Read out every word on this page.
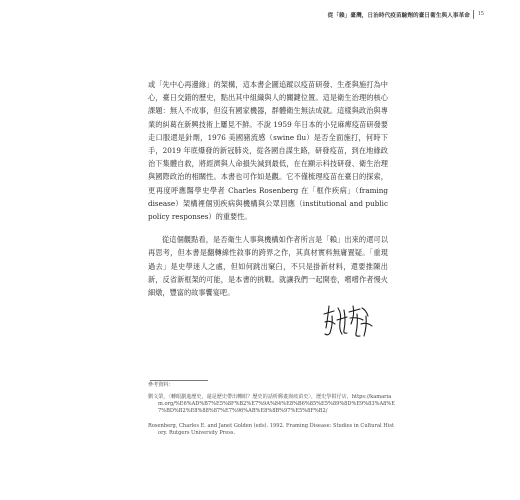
從「賴」臺灣，日治時代疫苗驗劑的臺日衛生與人事革命 15

或「先中心再邊緣」的架構，這本書企圖追蹤以疫苗研發、生產與施打為中心，臺日交錯的歷史，點出其中組織與人的關鍵位置。這是衛生治理的核心課題：無人不成事，但沒有國家機器，群體衛生無法成就。這樣與政治與專業的糾葛在新興技術上屢見不鮮。不說 1959 年日本的小兒麻痺疫苗研發要走口服還是針劑，1976 美國豬流感（swine flu）是否全面施打，何時下手，2019 年底爆發的新冠肺炎，從各國自謀生路，研發疫苗，到在地緣政治下集體自救，將經濟與人命損失減到最低，在在顯示科技研發、衛生治理與國際政治的相關性。本書也可作如是觀。它不僅梳理疫苗在臺日的探索，更再度呼應醫學史學者 Charles Rosenberg 在「框作疾病」（framing disease）架構裡個別疾病與機構與公眾回應（institutional and public policy responses）的重要性。

從這個觀點看，是否衛生人事與機構如作者所言是「賴」出來的還可以再思考，但本書是翻轉線性敘事的跨界之作，其真材實料無庸置疑。「重現過去」是史學迷人之處，但如何跳出窠臼，不只是掛新材料，還要推陳出新，反省新框架的可能，是本書的挑戰。就讓我們一起開卷，嚐嚐作者慢火細燉，豐富的故事饗宴吧。

參考資料：

劉文榮，〈轉眼劃進歷史，還是歷史帶出轉眼？歷史的話析郵畫與疫苗史〉，歷史學柑仔店，https://kamariam.org/%E6%AD%B7%E5%8F%B2%E7%9A%84%E8%B6%85%E5%89%8D%E9%83%A8%E7%BD%B2%E8%88%87%E7%96%AB%E8%8B%97%E5%8F%B2/

Rosenberg, Charles E. and Janet Golden (eds). 1992. Framing Disease: Studies in Cultural History. Rutgers University Press.
